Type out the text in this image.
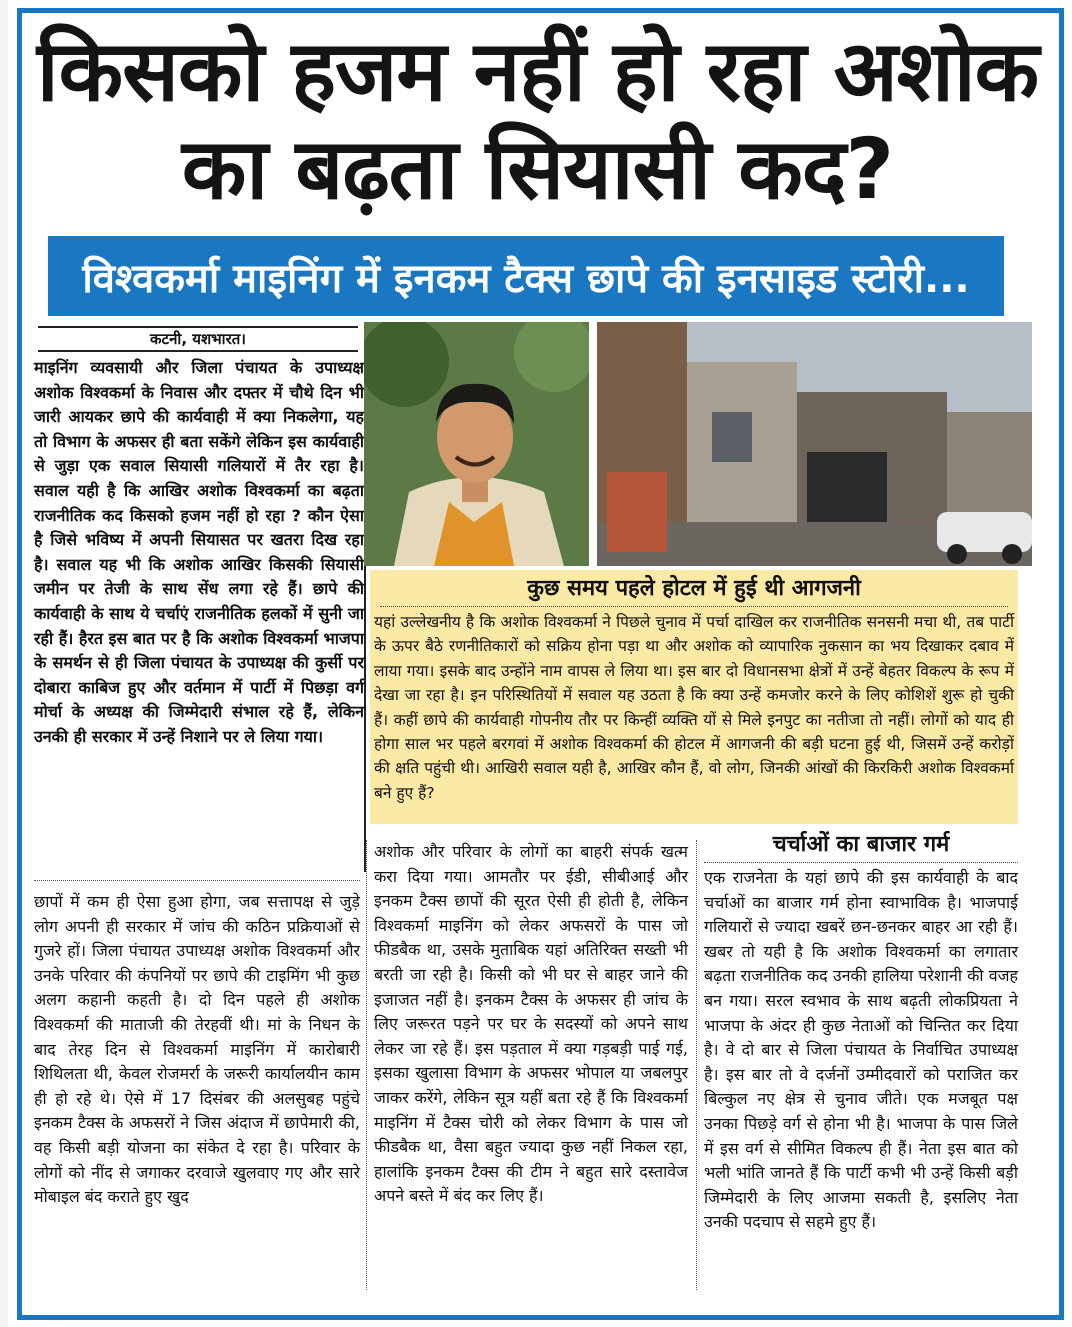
किसको हजम नहीं हो रहा अशोक
का बढ़ता सियासी कद?
विश्वकर्मा माइनिंग में इनकम टैक्स छापे की इनसाइड स्टोरी...
कटनी, यशभारत।

माइनिंग व्यवसायी और जिला पंचायत के उपाध्यक्ष अशोक विश्वकर्मा के निवास और दफ्तर में चौथे दिन भी जारी आयकर छापे की कार्यवाही में क्या निकलेगा, यह तो विभाग के अफसर ही बता सकेंगे लेकिन इस कार्यवाही से जुड़ा एक सवाल सियासी गलियारों में तैर रहा है। सवाल यही है कि आखिर अशोक विश्वकर्मा का बढ़ता राजनीतिक कद किसको हजम नहीं हो रहा ? कौन ऐसा है जिसे भविष्य में अपनी सियासत पर खतरा दिख रहा है। सवाल यह भी कि अशोक आखिर किसकी सियासी जमीन पर तेजी के साथ सेंध लगा रहे हैं। छापे की कार्यवाही के साथ ये चर्चाएं राजनीतिक हलकों में सुनी जा रही हैं। हैरत इस बात पर है कि अशोक विश्वकर्मा भाजपा के समर्थन से ही जिला पंचायत के उपाध्यक्ष की कुर्सी पर दोबारा काबिज हुए और वर्तमान में पार्टी में पिछड़ा वर्ग मोर्चा के अध्यक्ष की जिम्मेदारी संभाल रहे हैं, लेकिन उनकी ही सरकार में उन्हें निशाने पर ले लिया गया।

कुछ समय पहले होटल में हुई थी आगजनी

यहां उल्लेखनीय है कि अशोक विश्वकर्मा ने पिछले चुनाव में पर्चा दाखिल कर राजनीतिक सनसनी मचा थी, तब पार्टी के ऊपर बैठे रणनीतिकारों को सक्रिय होना पड़ा था और अशोक को व्यापारिक नुकसान का भय दिखाकर दबाव में लाया गया। इसके बाद उन्होंने नाम वापस ले लिया था। इस बार दो विधानसभा क्षेत्रों में उन्हें बेहतर विकल्प के रूप में देखा जा रहा है। इन परिस्थितियों में सवाल यह उठता है कि क्या उन्हें कमजोर करने के लिए कोशिशें शुरू हो चुकी हैं। कहीं छापे की कार्यवाही गोपनीय तौर पर किन्हीं व्यक्ति यों से मिले इनपुट का नतीजा तो नहीं। लोगों को याद ही होगा साल भर पहले बरगवां में अशोक विश्वकर्मा की होटल में आगजनी की बड़ी घटना हुई थी, जिसमें उन्हें करोड़ों की क्षति पहुंची थी। आखिरी सवाल यही है, आखिर कौन हैं, वो लोग, जिनकी आंखों की किरकिरी अशोक विश्वकर्मा बने हुए हैं?

छापों में कम ही ऐसा हुआ होगा, जब सत्तापक्ष से जुड़े लोग अपनी ही सरकार में जांच की कठिन प्रक्रियाओं से गुजरे हों। जिला पंचायत उपाध्यक्ष अशोक विश्वकर्मा और उनके परिवार की कंपनियों पर छापे की टाइमिंग भी कुछ अलग कहानी कहती है। दो दिन पहले ही अशोक विश्वकर्मा की माताजी की तेरहवीं थी। मां के निधन के बाद तेरह दिन से विश्वकर्मा माइनिंग में कारोबारी शिथिलता थी, केवल रोजमर्रा के जरूरी कार्यालयीन काम ही हो रहे थे। ऐसे में 17 दिसंबर की अलसुबह पहुंचे इनकम टैक्स के अफसरों ने जिस अंदाज में छापेमारी की, वह किसी बड़ी योजना का संकेत दे रहा है। परिवार के लोगों को नींद से जगाकर दरवाजे खुलवाए गए और सारे मोबाइल बंद कराते हुए खुद

अशोक और परिवार के लोगों का बाहरी संपर्क खत्म करा दिया गया। आमतौर पर ईडी, सीबीआई और इनकम टैक्स छापों की सूरत ऐसी ही होती है, लेकिन विश्वकर्मा माइनिंग को लेकर अफसरों के पास जो फीडबैक था, उसके मुताबिक यहां अतिरिक्त सख्ती भी बरती जा रही है। किसी को भी घर से बाहर जाने की इजाजत नहीं है। इनकम टैक्स के अफसर ही जांच के लिए जरूरत पड़ने पर घर के सदस्यों को अपने साथ लेकर जा रहे हैं। इस पड़ताल में क्या गड़बड़ी पाई गई, इसका खुलासा विभाग के अफसर भोपाल या जबलपुर जाकर करेंगे, लेकिन सूत्र यहीं बता रहे हैं कि विश्वकर्मा माइनिंग में टैक्स चोरी को लेकर विभाग के पास जो फीडबैक था, वैसा बहुत ज्यादा कुछ नहीं निकल रहा, हालांकि इनकम टैक्स की टीम ने बहुत सारे दस्तावेज अपने बस्ते में बंद कर लिए हैं।

चर्चाओं का बाजार गर्म

एक राजनेता के यहां छापे की इस कार्यवाही के बाद चर्चाओं का बाजार गर्म होना स्वाभाविक है। भाजपाई गलियारों से ज्यादा खबरें छन-छनकर बाहर आ रही हैं। खबर तो यही है कि अशोक विश्वकर्मा का लगातार बढ़ता राजनीतिक कद उनकी हालिया परेशानी की वजह बन गया। सरल स्वभाव के साथ बढ़ती लोकप्रियता ने भाजपा के अंदर ही कुछ नेताओं को चिन्तित कर दिया है। वे दो बार से जिला पंचायत के निर्वाचित उपाध्यक्ष है। इस बार तो वे दर्जनों उम्मीदवारों को पराजित कर बिल्कुल नए क्षेत्र से चुनाव जीते। एक मजबूत पक्ष उनका पिछड़े वर्ग से होना भी है। भाजपा के पास जिले में इस वर्ग से सीमित विकल्प ही हैं। नेता इस बात को भली भांति जानते हैं कि पार्टी कभी भी उन्हें किसी बड़ी जिम्मेदारी के लिए आजमा सकती है, इसलिए नेता उनकी पदचाप से सहमे हुए हैं।
